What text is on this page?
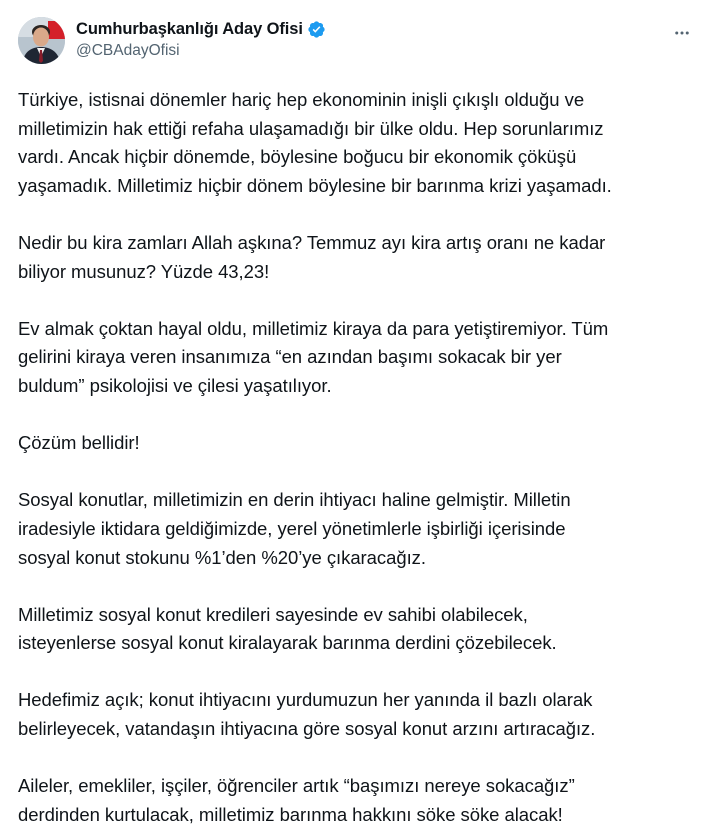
Cumhurbaşkanlığı Aday Ofisi
@CBAdayOfisi

Türkiye, istisnai dönemler hariç hep ekonominin inişli çıkışlı olduğu ve
milletimizin hak ettiği refaha ulaşamadığı bir ülke oldu. Hep sorunlarımız
vardı. Ancak hiçbir dönemde, böylesine boğucu bir ekonomik çöküşü
yaşamadık. Milletimiz hiçbir dönem böylesine bir barınma krizi yaşamadı.

Nedir bu kira zamları Allah aşkına? Temmuz ayı kira artış oranı ne kadar
biliyor musunuz? Yüzde 43,23!

Ev almak çoktan hayal oldu, milletimiz kiraya da para yetiştiremiyor. Tüm
gelirini kiraya veren insanımıza “en azından başımı sokacak bir yer
buldum” psikolojisi ve çilesi yaşatılıyor.

Çözüm bellidir!

Sosyal konutlar, milletimizin en derin ihtiyacı haline gelmiştir. Milletin
iradesiyle iktidara geldiğimizde, yerel yönetimlerle işbirliği içerisinde
sosyal konut stokunu %1’den %20’ye çıkaracağız.

Milletimiz sosyal konut kredileri sayesinde ev sahibi olabilecek,
isteyenlerse sosyal konut kiralayarak barınma derdini çözebilecek.

Hedefimiz açık; konut ihtiyacını yurdumuzun her yanında il bazlı olarak
belirleyecek, vatandaşın ihtiyacına göre sosyal konut arzını artıracağız.

Aileler, emekliler, işçiler, öğrenciler artık “başımızı nereye sokacağız”
derdinden kurtulacak, milletimiz barınma hakkını söke söke alacak!
